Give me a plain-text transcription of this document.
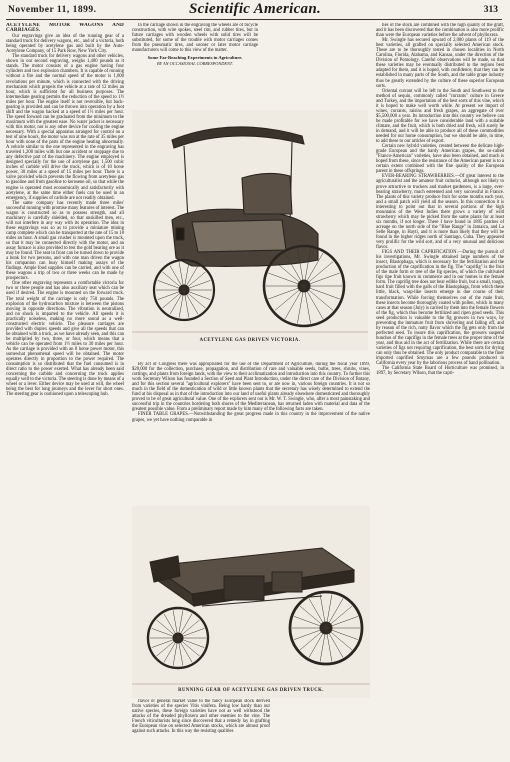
November 11, 1899.	Scientific American.	313

ACETYLENE MOTOR WAGONS AND CARRIAGES.

Our engravings give an idea of the running gear of a standard truck for delivery wagons, etc., and of a victoria, both being operated by acetylene gas and built by the Auto-Acetylene Company, of 15 Park Row, New York City.

The standard truck for delivery wagons and other vehicles, shown in our second engraving, weighs 1,400 pounds as it stands. The motor consists of a gas engine having four cylinders and two explosion chambers. It is capable of running without a fire and the normal speed of the motor is 1,000 revolutions per minute, which is connected with the driving mechanism which propels the vehicle at a rate of 12 miles an hour, which is sufficient for all business purposes. The intermediate gearing permits the reduction of the speed to 1½ miles per hour. The engine itself is not reversible, but back-gearing is provided and can be thrown into operation by a foot shift and the wagon backed at a speed of 1½ miles per hour. The speed forward can be graduated from the minimum to the maximum with the greatest ease. No water jacket is necessary with this motor, nor is any other device for cooling the engine necessary. With a special apparatus arranged for control on a test of nine hours, the motor was run at the rate of 35 miles per hour with none of the parts of the engine heating abnormally. A vehicle similar to the one represented in the engraving has traveled 1,200 miles with but one accident or stoppage due to any defective part of the machinery. The engine employed is designed specially for the use of acetylene gas; 1,500 cubic inches of carbide will drive the truck, which is of 10 horse power, 30 miles at a speed of 15 miles per hour. There is a valve provided which prevents the flowing from acetylene gas to gasoline and from gasoline to kerosene oil, so that while the engine is operated most economically and satisfactorily with acetylene, at the same time either fuels can be used in an emergency, if supplies of carbide are not readily obtained.

The same company has recently made three miles' successful running with promise many features of interest. The wagon is constructed so as to possess strength, and all machinery is carefully shielded, so that unskilled men, etc., will not interfere in any way with its operation. The idea in these engravings was so as to provide a miniature mining camp complete which can be transported at the rate of 15 to 18 miles an hour. A small gas crusher is mounted upon the truck, so that it may be connected directly with the motor, and an assay furnace is also provided to test the gold bearing ore as it may be found. The seat in front can be turned down to provide a bunk for two persons, and with one man driven the wagon his companion can busy himself making assays of the findings. Ample food supplies can be carried, and with one of these wagons a trip of two or three weeks can be made by prospectors.

One other engraving represents a comfortable victoria for two or three people and has also auxiliary seat which can be used if desired. The engine is mounted on the forward truck. The total weight of the carriage is only 750 pounds. The explosion of the hydrocarbon mixture is between the pistons moving in opposite directions. The vibration is neutralized, and no shock is imparted to the vehicle. All speeds it is practically noiseless, making no more sound as a well-constructed electric vehicle. The pleasure carriages are provided with duplex speeds and give all the speeds that can be obtained with a truck, as we have already seen, and this can be multiplied by two, three, or four, which means that a vehicle can be operated from 1½ miles to 30 miles per hour. As the carriage is provided with an 8 horse power motor, this somewhat phenomenal speed will be obtained. The motor operates directly in proportion to the power required. The consumption is so distributed that the fuel consumed is in direct ratio to the power exerted. What has already been said concerning the carbide and concerning the truck applies equally well to the victoria. The steering is done by means of a wheel or a lever. Either device may be used at will, the wheel being the best for long journeys and the lever for short ones. The steering gear is cushioned upon a telescoping hub.

In the carriage shown in the engraving the wheels are of bicycle construction, with wire spokes, steel rim, and rubber tires, but in future carriages with wooden wheels with solid tires will be substituted, for some of the trouble with motor carriages comes from the pneumatic tires, and sooner or later motor carriage manufacturers will come to this view of the matter.

Some Far-Reaching Experiments in Agriculture.

BY AN OCCASIONAL CORRESPONDENT.

ACETYLENE GAS DRIVEN VICTORIA.

By act of Congress there was appropriated for the use of the Department of Agriculture, during the fiscal year 1899, $20,000 for the collection, purchase, propagation, and distribution of rare and valuable seeds, bulbs, trees, shrubs, vines, cuttings, and plants from foreign lands, with the view to their acclimatization and introduction into this country. To further this work Secretary Wilson has founded a Section of Seed and Plant Introduction, under the direct care of the Division of Botany, and for this section several "agricultural explorers" have been sent to, or are now in, various foreign countries. It is not so much in the field of the domestication of wild or little known plants that the secretary has wisely determined to extend the fund at his disposal as in that of the introduction into our land of useful plants already elsewhere domesticated and thoroughly proved to be of great agricultural value. One of the explorers sent out is Mr. W. T. Swingle, who, after a most painstaking and successful trip in the countries bordering both shores of the Mediterranean, has returned laden with material and data of the greatest possible value. From a preliminary report made by him many of the following facts are taken.

FINER TABLE GRAPES.—Notwithstanding the great progress made in this country in the improvement of the native grapes, we yet have nothing comparable in

RUNNING GEAR OF ACETYLENE GAS DRIVEN TRUCK.

flavor or general market value to the fancy European stock derived from varieties of the species Vitis vinifera. Being low hardy than our native species, these foreign varieties have not as well withstood the attacks of the dreaded phylloxera and other enemies to the vine. The French viticulturists long since discovered that a remedy lay in grafting the European vine on selected American stocks, which are almost proof against such attacks. In this way the resisting qualities

ties of the stock are combined with the high quality of the graft, and it has been discovered that the combination is also more prolific than were the European varieties before the advent of phylloxera.

Mr. Swingle has secured upward of 2,000 plants of 119 of the best varieties, all grafted on specially selected American stock. These are to be thoroughly tested in chosen localities in North Carolina, Florida, Alabama, and Kansas, under the direction of the Division of Pomology. Careful observations will be made, so that these varieties may be eventually distributed to the regions best adapted for them, and it is hoped, with confidence, that they can be established in many parts of the South, and the table grape industry thus be greatly extended by the culture of these superior European sorts.

Oriental currant will be left to the South and Southwest to the method of sequin, commonly called "currants" culture in Greece and Turkey, and the importation of the best sorts of this vine, which it is hoped to make well worth while. At present we import of wines, currants, raisins and fresh grapes, an aggregate of over $5,500,000 a year. Its introduction into this country we believe can be made profitable for we have considerable land with a suitable climate, and the fruit, which is both dried and fresh, will surely be in demand, and it will be able to produce all of these commodities needed for our home consumption, but we should be able, in time, to add these to our articles of export.

Certain new hybrid varieties, created between the delicate high-grade European and the hardy American grapes, the so-called "Franco-American" varieties, have also been obtained, and much is hoped from these, since the resistance of the American parent is to a certain extent combined with the fine quality of the European parent in these offsprings.

EVER-BEARING STRAWBERRIES.—Of great interest to the agriculturalist and the amateur fruit culturist, although not likely to prove attractive to truckers and market gardeners, is a large, ever-bearing strawberry, much esteemed and very successful in France. The plants of this variety produce fruit for some months each year, and a small patch will yield all the season. In this connection it is interesting to point out that in several portions of the high mountains of the West Indies there grows a variety of wild strawberry which may be picked from the same plants for at least six months, if not longer. There I have found in 1895 patches of acreage on the north side of the "Blue Range" in Jamaica, and La Selle Range, in Hayti, and it is more than likely that they will be found in the higher ridges north of Santiago, Cuba. They appeared very prolific for the wild sort, and of a very unusual and delicious flavor.

FIGS AND THEIR CAPRIFICATION.—During the pursuit of his investigations, Mr. Swingle obtained large numbers of the insect, Blastophaga, which is necessary for the fertilization and the production of the caprification in the fig. The "caprifig" is the fruit of the male form or tree of the fig species, of which the cultivated figs ripe fruit known in commerce and in our homes is the female form. The caprifig tree does not bear edible fruit, but a small, tough, hard fruit filled with the galls of the Blastophaga, from which these little, black, wasp-like insects emerge in due course of their transformation. While forcing themselves out of the male fruit, these insects become thoroughly coated with pollen, which in many cases at that season (July) is carried by them into the female flowers of the fig, which thus become fertilized and ripen good seeds. This seed production is valuable to the fig growers in two ways, by preventing the immature fruit from shriveling and falling off, and by reason of the rich, nutty flavor which the fig gets only from the perfected seed. To insure this capriflcation, the growers suspend bunches of the caprifigs in the female trees at the proper time of the year, and thus aid in the act of fertilization. While there are certain varieties of figs not requiring caprification, the best sorts for drying can only thus be obtained. The only product comparable to the finer imported caprified Smyrnas are a few pounds produced in California every year by the laborious process of hand pollination.

The California State Board of Horticulture was promised, in 1897, by Secretary Wilson, that the capri-
